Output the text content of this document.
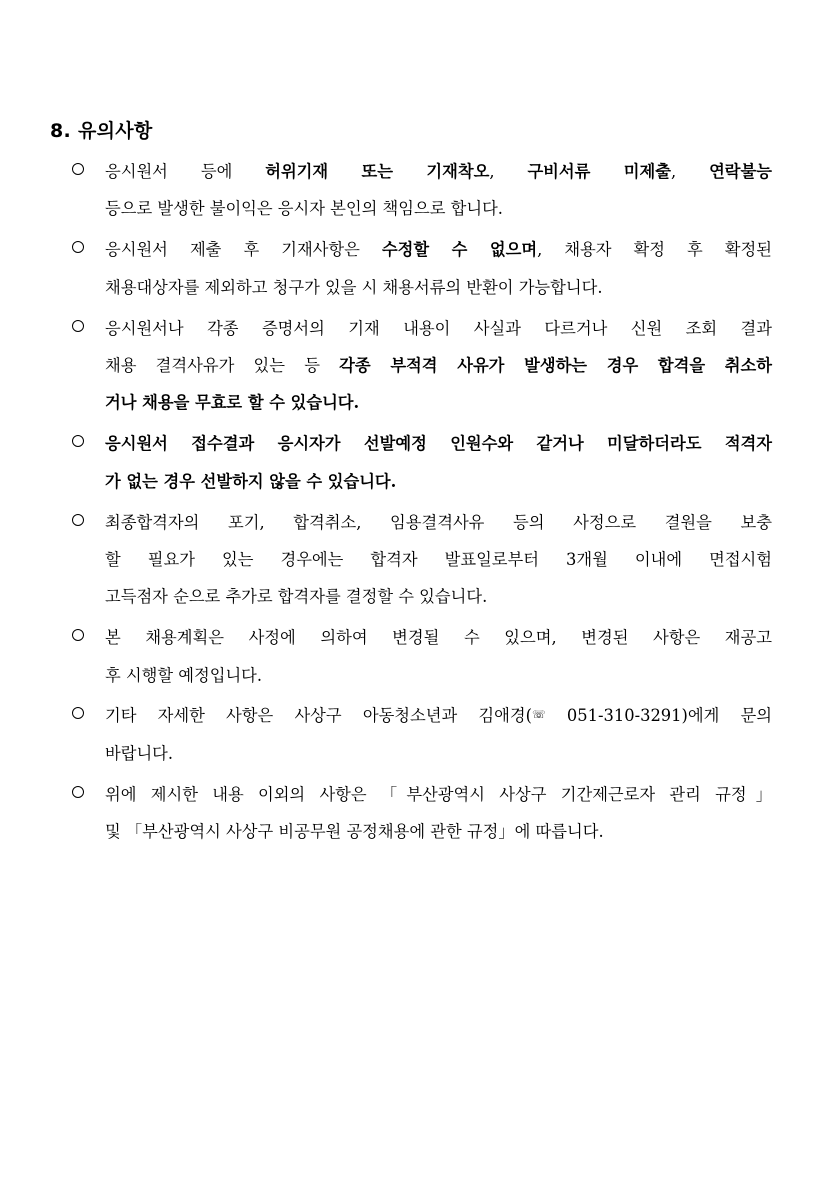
8. 유의사항
응시원서 등에 허위기재 또는 기재착오, 구비서류 미제출, 연락불능
등으로 발생한 불이익은 응시자 본인의 책임으로 합니다.
응시원서 제출 후 기재사항은 수정할 수 없으며, 채용자 확정 후 확정된
채용대상자를 제외하고 청구가 있을 시 채용서류의 반환이 가능합니다.
응시원서나 각종 증명서의 기재 내용이 사실과 다르거나 신원 조회 결과
채용 결격사유가 있는 등 각종 부적격 사유가 발생하는 경우 합격을 취소하
거나 채용을 무효로 할 수 있습니다.
응시원서 접수결과 응시자가 선발예정 인원수와 같거나 미달하더라도 적격자
가 없는 경우 선발하지 않을 수 있습니다.
최종합격자의 포기, 합격취소, 임용결격사유 등의 사정으로 결원을 보충
할 필요가 있는 경우에는 합격자 발표일로부터 3개월 이내에 면접시험
고득점자 순으로 추가로 합격자를 결정할 수 있습니다.
본 채용계획은 사정에 의하여 변경될 수 있으며, 변경된 사항은 재공고
후 시행할 예정입니다.
기타 자세한 사항은 사상구 아동청소년과 김애경(☏ 051-310-3291)에게 문의
바랍니다.
위에 제시한 내용 이외의 사항은 「부산광역시 사상구 기간제근로자 관리 규정」
및 「부산광역시 사상구 비공무원 공정채용에 관한 규정」에 따릅니다.
